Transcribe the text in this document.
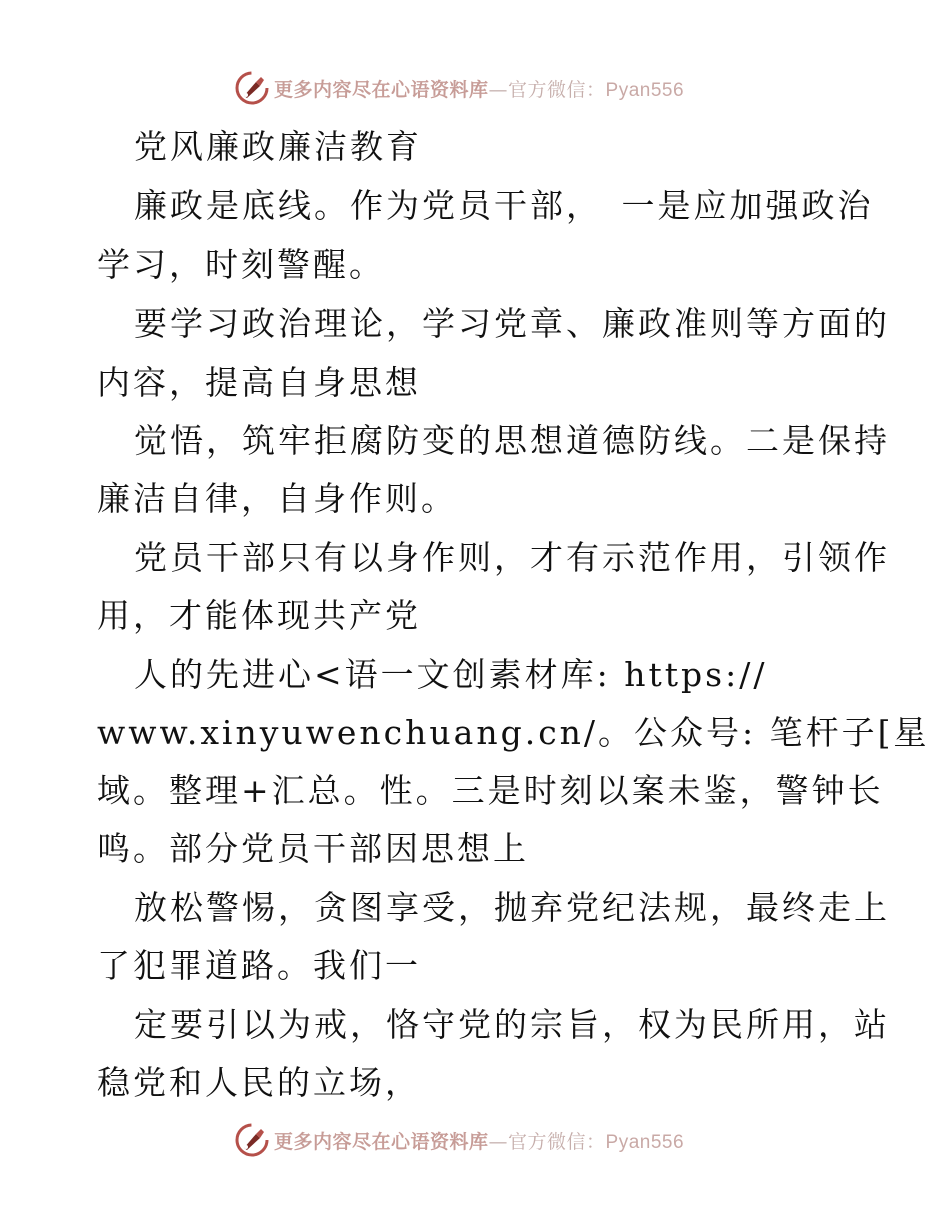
更多内容尽在心语资料库—官方微信：Pyan556
党风廉政廉洁教育
廉政是底线。作为党员干部，　一是应加强政治
学习，时刻警醒。
要学习政治理论，学习党章、廉政准则等方面的
内容，提高自身思想
觉悟，筑牢拒腐防变的思想道德防线。二是保持
廉洁自律，自身作则。
党员干部只有以身作则，才有示范作用，引领作
用，才能体现共产党
人的先进心<语一文创素材库: https://
www.xinyuwenchuang.cn/。公众号: 笔杆子[星
域。整理+汇总。性。三是时刻以案未鉴，警钟长
鸣。部分党员干部因思想上
放松警惕，贪图享受，抛弃党纪法规，最终走上
了犯罪道路。我们一
定要引以为戒，恪守党的宗旨，权为民所用，站
稳党和人民的立场，
更多内容尽在心语资料库—官方微信：Pyan556
